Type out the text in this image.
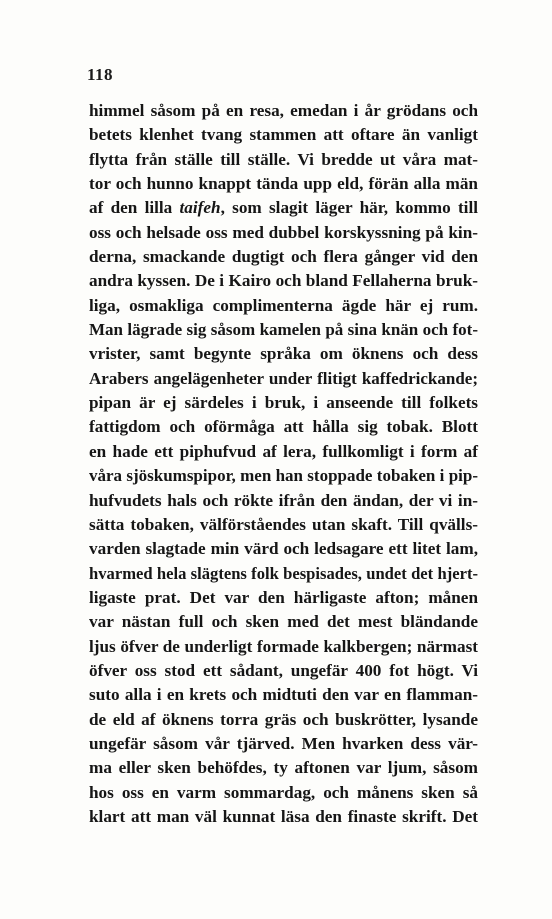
118
himmel såsom på en resa, emedan i år grödans och
betets klenhet tvang stammen att oftare än vanligt
flytta från ställe till ställe. Vi bredde ut våra mat-
tor och hunno knappt tända upp eld, förän alla män
af den lilla taifeh, som slagit läger här, kommo till
oss och helsade oss med dubbel korskyssning på kin-
derna, smackande dugtigt och flera gånger vid den
andra kyssen. De i Kairo och bland Fellaherna bruk-
liga, osmakliga complimenterna ägde här ej rum.
Man lägrade sig såsom kamelen på sina knän och fot-
vrister, samt begynte språka om öknens och dess
Arabers angelägenheter under flitigt kaffedrickande;
pipan är ej särdeles i bruk, i anseende till folkets
fattigdom och oförmåga att hålla sig tobak. Blott
en hade ett piphufvud af lera, fullkomligt i form af
våra sjöskumspipor, men han stoppade tobaken i pip-
hufvudets hals och rökte ifrån den ändan, der vi in-
sätta tobaken, välförståendes utan skaft. Till qvälls-
varden slagtade min värd och ledsagare ett litet lam,
hvarmed hela slägtens folk bespisades, undet det hjert-
ligaste prat. Det var den härligaste afton; månen
var nästan full och sken med det mest bländande
ljus öfver de underligt formade kalkbergen; närmast
öfver oss stod ett sådant, ungefär 400 fot högt. Vi
suto alla i en krets och midtuti den var en flamman-
de eld af öknens torra gräs och buskrötter, lysande
ungefär såsom vår tjärved. Men hvarken dess vär-
ma eller sken behöfdes, ty aftonen var ljum, såsom
hos oss en varm sommardag, och månens sken så
klart att man väl kunnat läsa den finaste skrift. Det
